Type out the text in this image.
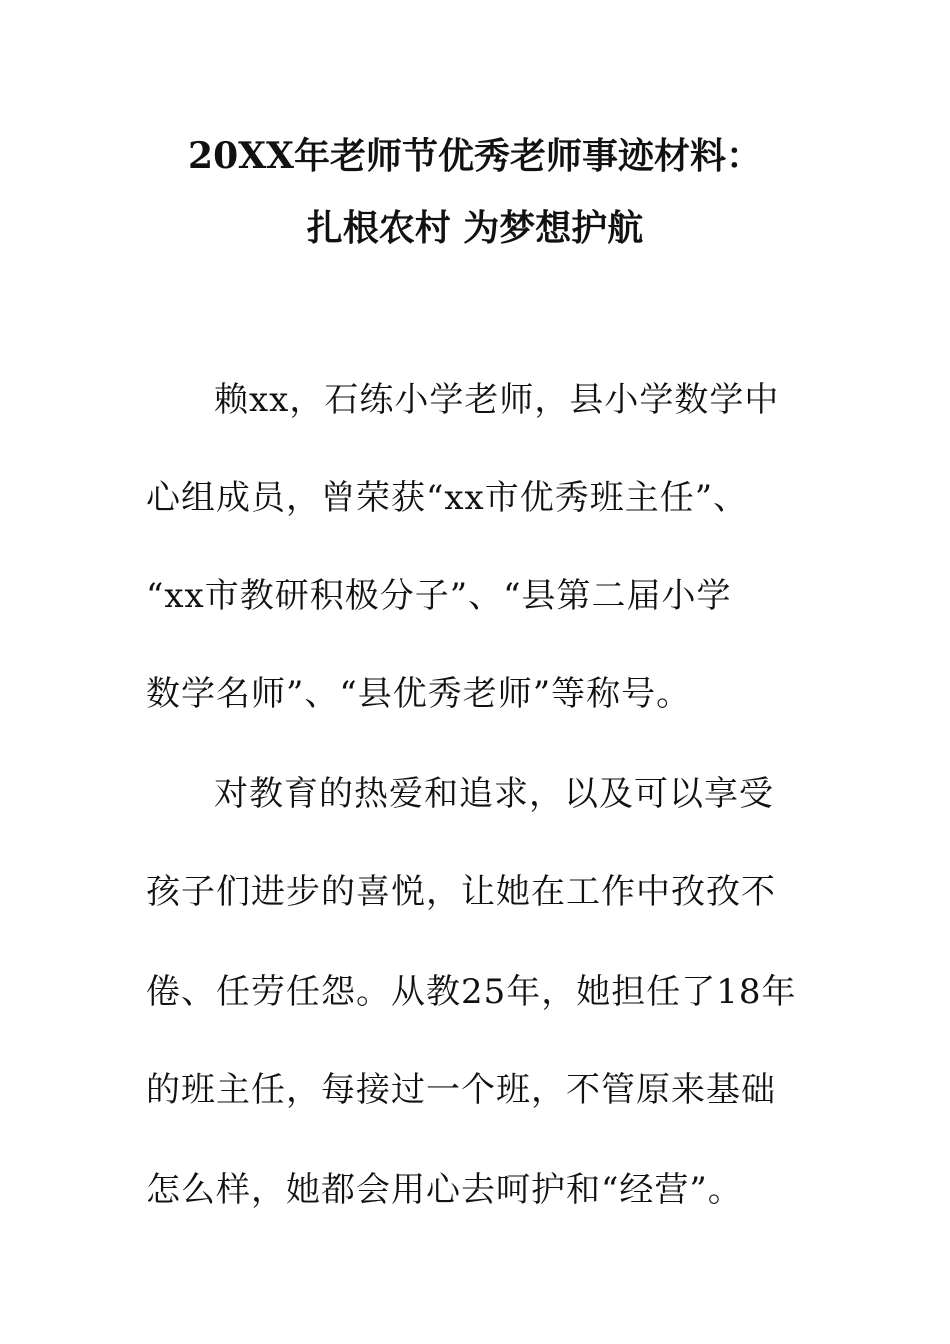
20XX年老师节优秀老师事迹材料：
扎根农村 为梦想护航
赖xx，石练小学老师，县小学数学中
心组成员，曾荣获“xx市优秀班主任”、
“xx市教研积极分子”、“县第二届小学
数学名师”、“县优秀老师”等称号。
对教育的热爱和追求，以及可以享受
孩子们进步的喜悦，让她在工作中孜孜不
倦、任劳任怨。从教25年，她担任了18年
的班主任，每接过一个班，不管原来基础
怎么样，她都会用心去呵护和“经营”。
